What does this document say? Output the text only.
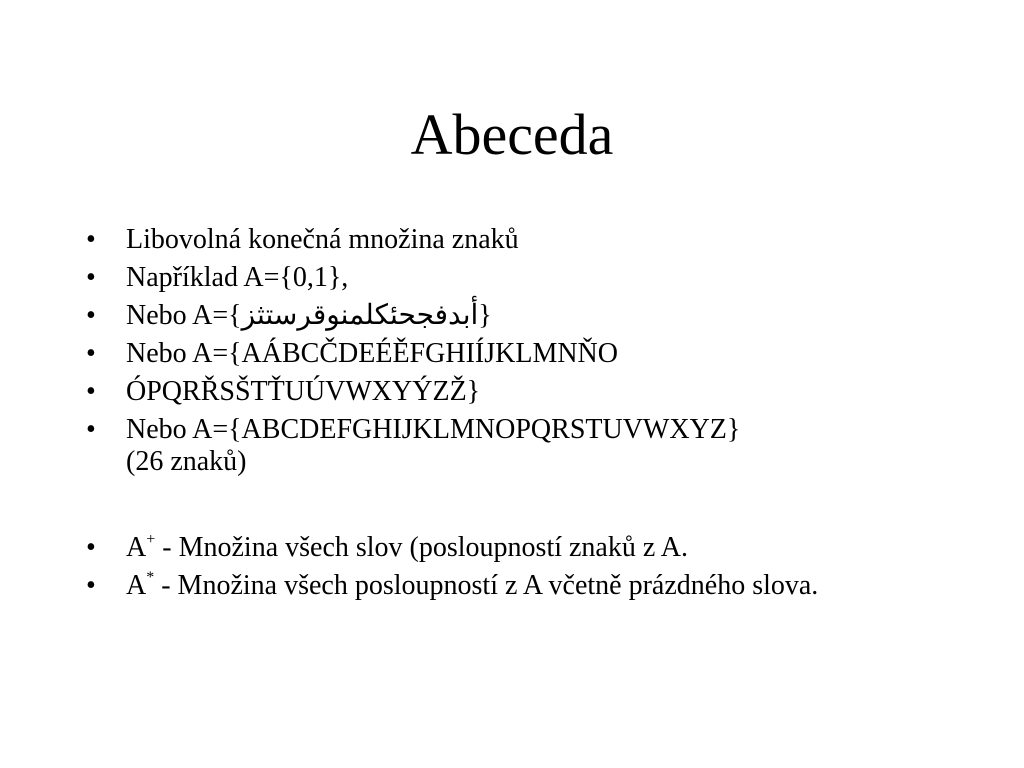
Abeceda
•	Libovolná konečná množina znaků
•	Například A={0,1},
•	Nebo A={أبدفجحئكلمنوقرستثز}
•	Nebo A={AÁBCČDEÉĚFGHIÍJKLMNŇO
•	ÓPQRŘSŠTŤUÚVWXYÝZŽ}
•	Nebo A={ABCDEFGHIJKLMNOPQRSTUVWXYZ}
(26 znaků)
•	A+ - Množina všech slov (posloupností znaků z A.
•	A* - Množina všech posloupností z A včetně prázdného slova.
